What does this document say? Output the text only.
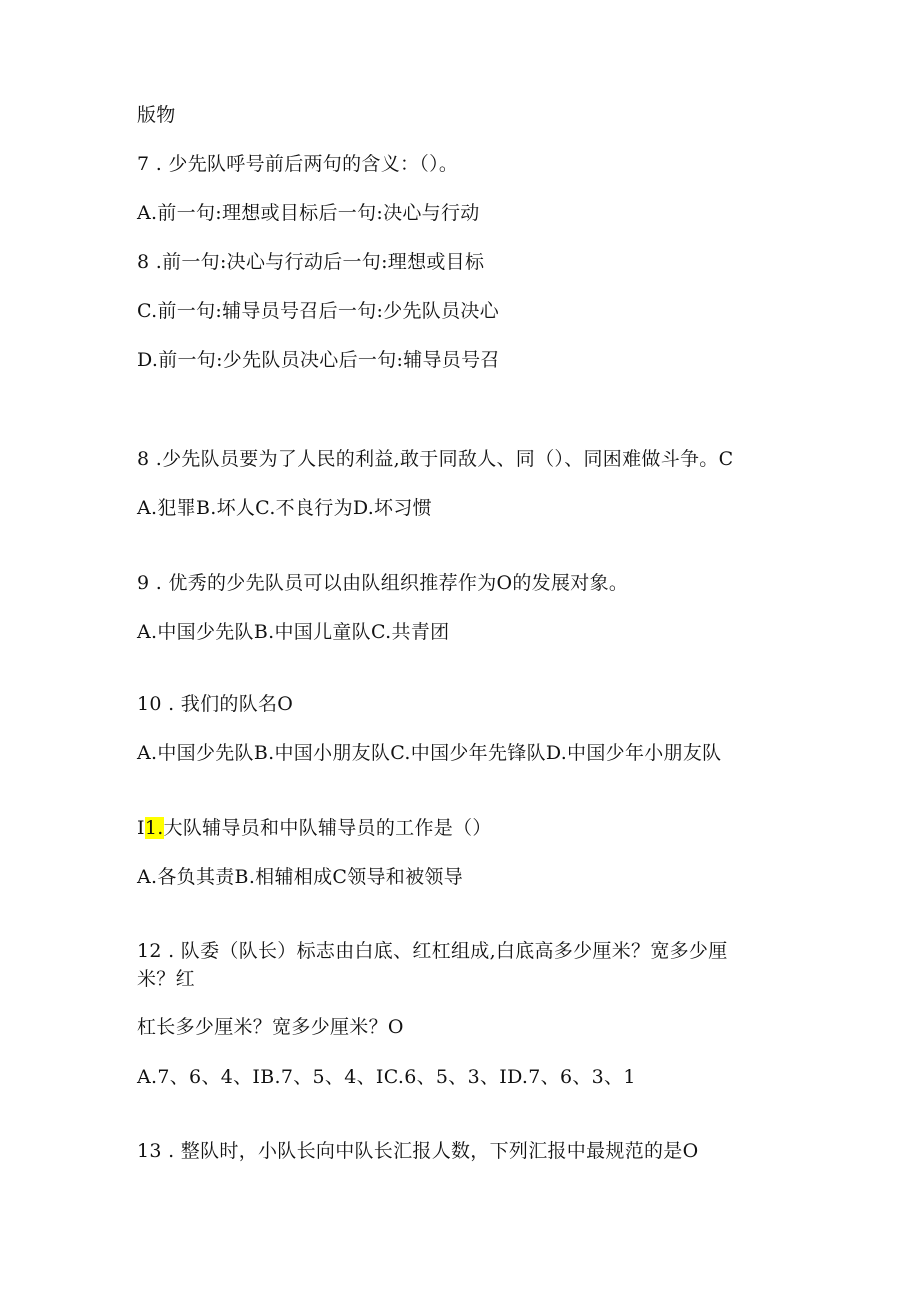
版物
7 . 少先队呼号前后两句的含义：（）。
A.前一句:理想或目标后一句:决心与行动
8 .前一句:决心与行动后一句:理想或目标
C.前一句:辅导员号召后一句:少先队员决心
D.前一句:少先队员决心后一句:辅导员号召
8 .少先队员要为了人民的利益,敢于同敌人、同（）、同困难做斗争。C
A.犯罪B.坏人C.不良行为D.坏习惯
9 . 优秀的少先队员可以由队组织推荐作为O的发展对象。
A.中国少先队B.中国儿童队C.共青团
10 . 我们的队名O
A.中国少先队B.中国小朋友队C.中国少年先锋队D.中国少年小朋友队
I1.大队辅导员和中队辅导员的工作是（）
A.各负其责B.相辅相成C领导和被领导
12 . 队委（队长）标志由白底、红杠组成,白底高多少厘米？宽多少厘
米？红
杠长多少厘米？宽多少厘米？O
A.7、6、4、IB.7、5、4、IC.6、5、3、ID.7、6、3、1
13 . 整队时，小队长向中队长汇报人数，下列汇报中最规范的是O
